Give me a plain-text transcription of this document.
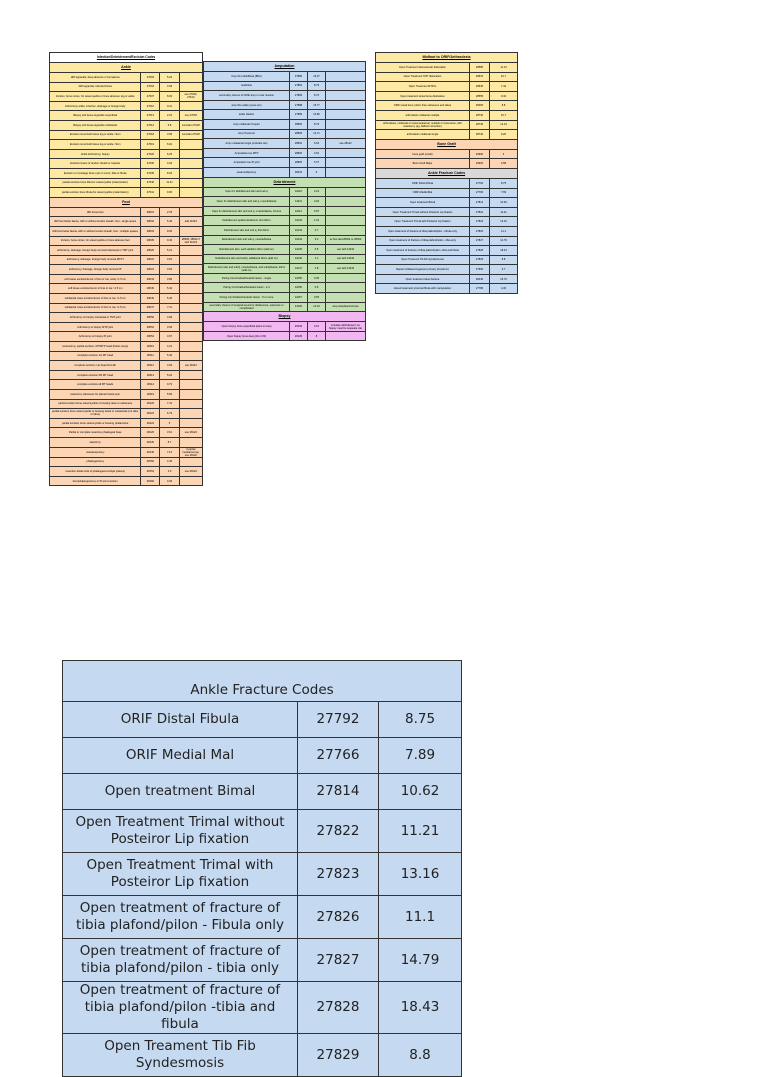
Infection/Debridement/Excision Codes			
Ankle			
I&D leg/ankle; deep abscess or hematoma	27603	5.23	
I&D leg/ankle; infected bursa	27604	4.59	
Incision, bone cortex, for osteomyelitis or bone abscess; leg or ankle	27607	8.03	use 27620, 27610
Arthrotomy ankle; infection, drainage or foreign body	27610	9.11	
Biopsy soft tissue leg/ankle superficial	27613	2.22	use 27618
Biopsy soft tissue leg/ankle subfascial	27614	5.8	consider 27618
Excision tumor/soft tissue leg or ankle <3cm	27618	3.95	consider 27618
Excision tumor/soft tissue leg or ankle <3cm	27619	6.91	
Ankle Arthrotomy; biopsy	27620	6.25	
Excision lesion of tendon sheath or capsule	27630	4.94	
Excision or curettage bone cyst or tumor; tibia or fibula	27635	8.03	
partial excision bone tibia for osteomyelitis (craterization)	27640	11.41	
partial excision bone fibula for osteomyelitis (craterization)	27641	9.06	
Foot			
I&D bursa foot	28001	2.78	
I&D foot below fascia, with or without tendon sheath, foot - single space	28002	5.46	add 11043
I&D foot below fascia, with or without tendon sheath, foot - multiple spaces	28003	9.06	
Incision, bone cortex, for osteomyelitis or bone abscess foot	28005	9.43	28005, 28002 if with 11043
arthrotomy, drainage, foreign body removal intertarsal or TMT joint	28020	5.31	
arthrotomy, drainage, foreign body removal MTPJ	28022	4.81	
arthrotomy, drainage, foreign body removal IP	28024	4.52	
soft tissue excision/tumor of foot or toe, subq <1.5 cm	28043	3.86	
soft tissue excision/tumor of foot or toe >1.5 cm	28045	5.43	
subfascial mass excision/tumor of foot or toe <1.5 cm	28046	5.45	
subfascial mass excision/tumor of foot or toe >1.5 cm	28047	7.11	
Arthrotomy w/ biopsy intertarsal or TMT joint	28050	4.99	
Arthrotomy w/ biopsy MTP joint	28052	4.56	
Arthrotomy w/ biopsy IP joint	28054	3.97	
neurectomy, partial excision, MT/MTP head (Keller-mayo)	28110	4.31	
complete excision 1st MT head	28111	5.40	
complete excision met head 2nd-4th	28112	4.93	use 28113
complete excision 5th MT head	28113	5.22	
complete excision all MT heads	28114	9.73	
ostectomy calcaneus for plantar fascia spur	28119	5.56	
partial excision bone osteomyelitis or bossing talus or calcaneus	28120	7.41	
partial excision bone osteomyelitis or bossing tarsal or metatarsal (not talus or talus)	28122	6.79	
partial excision bone osteomyelitis or bossing phalanx/toe	28124	5	
Partial or complete resection phalangeal base	28126	3.61	use 28124
talectomy	28130	8.7	
metatarsectomy	28140	7.14	if partial metatarsal ray, use 28122
phalangectomy	28150	4.45	
resection distal ends of phalangeal condyle (claves)	28153	4.0	use 28124
hemiphalangectomy or IP joint excision	28160	4.06	

Amputation			
Amp thru tibia/fibula (BKA)	27880	15.37	
Guillotine	27881	8.79	
secondary closure of tib/fib amp or scar revision	27884	8.76	
amp thru ankle (syme etc)	27888	15.77	
ankle disartic	27889	10.80	
Amp midtarsal Chopart	28800	8.79	
Amp Transmet	28805	12.71	
Amp metatarsal single (includes toe)	28810	6.64	use 28122
Amputation toe MTP	28820	4.51	
Amputation toe IP joint	28825	5.37	
sesamoidectomy	28315	5	
Debridement			
Open Fx debridement skin and sub q	11010	4.19	
Open Fx debridement skin and sub q, muscle/fascia	11011	4.94	
Open Fx debridement skin and sub q, muscle/fascia, & bone	11012	6.87	
Debridement epidermis/dermis, first 20cm	11042	1.01	
Debridement skin and sub q, first 20cm	11043	2.7	
Debridement skin and sub q, muscle/fascia	11044	6.2	w/ foot add 28002 or 28003
Debridement skin, each addition 20cm (add on)	11045	0.5	use with 11042
Debridement skin and subQ, additional 20cm (add on)	11046	1.1	use with 11043
Debridement skin and subQ, muscle/fascia, and subQ/fascia, 20cm (add on)	11047	1.8	use with 11044
Paring Corn/Callus/Keratotic lesion - single	11055	0.35	
Paring Corn/Callus/Keratotic lesion - 2-4	11056	0.5	
Paring Corn/Callus/Keratotic lesion - 5 or more	11057	0.65	
secondary closure of surgical wound or dehiscence, extensive or complicated	13160	12.04	amp sites/fasciotomies
Biopsy			
Open biopsy bone superficial (talus to toes)	20240	3.61	includes debridement; so biopsy must be separate site
Open biopsy bone deep (tib or fib)	20245	8	
Midfoot to ORIF/Arthrodesis		
Open Treatment talonavicular dislocation	28585	11.13
Open Treatment TMT dislocation	28615	10.7
Open Treatment MTPJs	28645	7.44
Open treatment tarsal bone dislocation	28555	9.43
ORIF tarsal bone (other than calcaneus and talus)	28465	8.8
arthrodesis midtarsal multiple	28730	10.7
arthrodesis, midtarsal or tarsometatarsal, multiple or transverse; with osteotomy (eg, flatfoot correction)	28735	12.19
arthrodesis midtarsal single	28740	9.20
Bone Graft		
bone graft (small)	20900	3
Bone Graft Major	20902	4.58
Ankle Fracture Codes		
ORIF Distal Fibula	27792	8.75
ORIF Medial Mal	27766	7.89
Open treatment Bimal	27814	10.62
Open Treatment Trimal without Posterior Lip fixation	27822	11.21
Open Treatment Trimal with Posterior Lip fixation	27823	13.16
Open treatment of fracture of tibia plafond/pilon - Fibula only	27826	11.1
Open treatment of fracture of tibia plafond/pilon - tibia only	27827	14.79
Open treatment of fracture of tibia plafond/pilon -tibia and fibula	27828	18.43
Open Treament Tib Fib Syndesmosis	27829	8.8
Repair Collateral Ligament primary (brostrom)	27695	6.7
Open treatment talus fracture	28445	15.76
closed treatment proximal fibula with manipulation	27786	4.30
Ankle Fracture Codes		
ORIF Distal Fibula	27792	8.75
ORIF Medial Mal	27766	7.89
Open treatment Bimal	27814	10.62
Open Treatment Trimal without Posteiror Lip fixation	27822	11.21
Open Treatment Trimal with Posteiror Lip fixation	27823	13.16
Open treatment of fracture of tibia plafond/pilon - Fibula only	27826	11.1
Open treatment of fracture of tibia plafond/pilon - tibia only	27827	14.79
Open treatment of fracture of tibia plafond/pilon -tibia and fibula	27828	18.43
Open Treament Tib Fib Syndesmosis	27829	8.8
